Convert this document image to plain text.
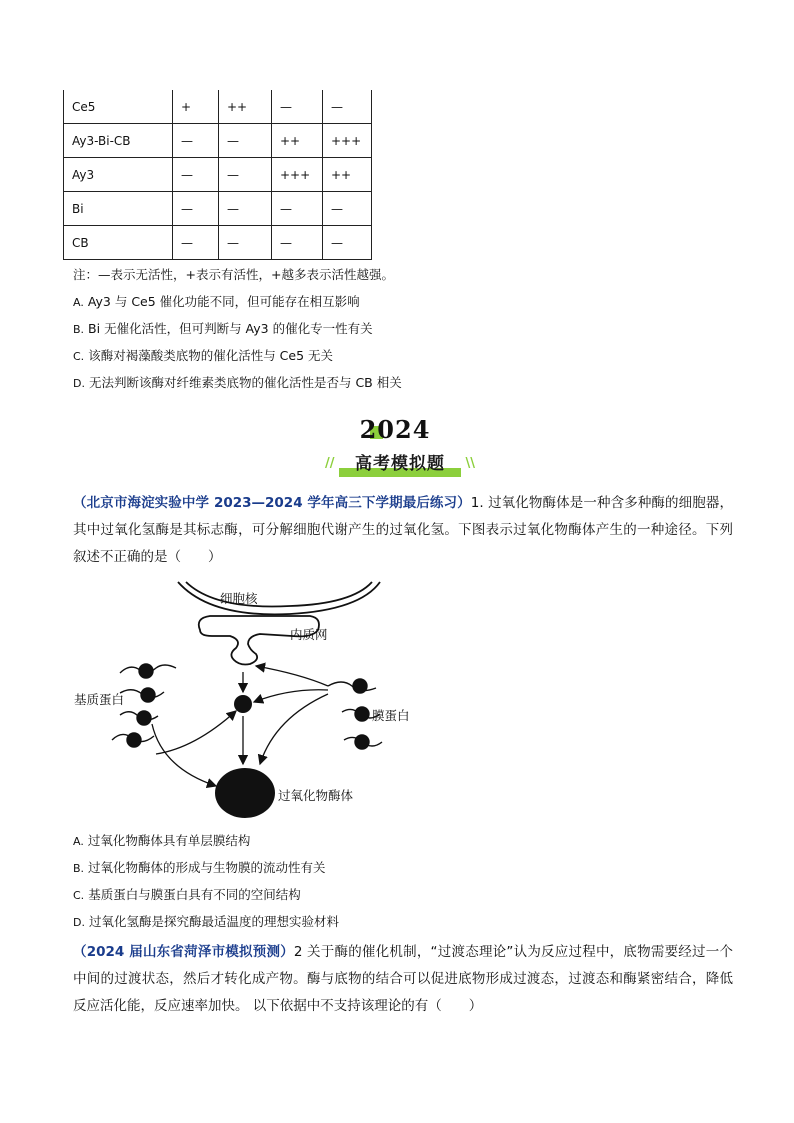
Ce5	+	++	—	—
Ay3-Bi-CB	—	—	++	+++
Ay3	—	—	+++	++
Bi	—	—	—	—
CB	—	—	—	—
注：—表示无活性，+表示有活性，+越多表示活性越强。
A. Ay3 与 Ce5 催化功能不同，但可能存在相互影响
B. Bi 无催化活性，但可判断与 Ay3 的催化专一性有关
C. 该酶对褐藻酸类底物的催化活性与 Ce5 无关
D. 无法判断该酶对纤维素类底物的催化活性是否与 CB 相关
2024
//	\\
高考模拟题
（北京市海淀实验中学 2023—2024 学年高三下学期最后练习）1. 过氧化物酶体是一种含多种酶的细胞器，其中过氧化氢酶是其标志酶，可分解细胞代谢产生的过氧化氢。下图表示过氧化物酶体产生的一种途径。下列叙述不正确的是（　　）
细胞核
内质网
基质蛋白
膜蛋白
过氧化物酶体
A. 过氧化物酶体具有单层膜结构
B. 过氧化物酶体的形成与生物膜的流动性有关
C. 基质蛋白与膜蛋白具有不同的空间结构
D. 过氧化氢酶是探究酶最适温度的理想实验材料
（2024 届山东省菏泽市模拟预测）2 关于酶的催化机制，“过渡态理论”认为反应过程中，底物需要经过一个中间的过渡状态，然后才转化成产物。酶与底物的结合可以促进底物形成过渡态，过渡态和酶紧密结合，降低反应活化能，反应速率加快。 以下依据中不支持该理论的有（　　）
